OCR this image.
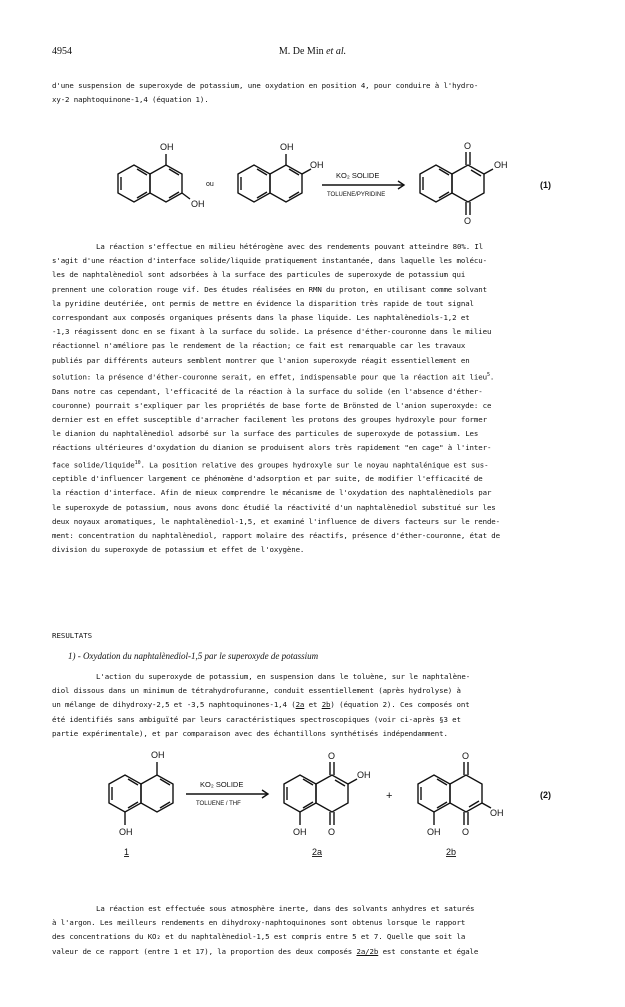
4954	M. De Min et al.
d'une suspension de superoxyde de potassium, une oxydation en position 4, pour conduire à l'hydro-
xy-2 naphtoquinone-1,4 (équation 1).
OH
OH
ou
OH
OH
KO₂ SOLIDE
TOLUENE/PYRIDINE
O
O
OH
(1)
La réaction s'effectue en milieu hétérogène avec des rendements pouvant atteindre 80%. Il
s'agit d'une réaction d'interface solide/liquide pratiquement instantanée, dans laquelle les molécu-
les de naphtalènediol sont adsorbées à la surface des particules de superoxyde de potassium qui
prennent une coloration rouge vif. Des études réalisées en RMN du proton, en utilisant comme solvant
la pyridine deutériée, ont permis de mettre en évidence la disparition très rapide de tout signal
correspondant aux composés organiques présents dans la phase liquide. Les naphtalènediols-1,2 et
-1,3 réagissent donc en se fixant à la surface du solide. La présence d'éther-couronne dans le milieu
réactionnel n'améliore pas le rendement de la réaction; ce fait est remarquable car les travaux
publiés par différents auteurs semblent montrer que l'anion superoxyde réagit essentiellement en
solution: la présence d'éther-couronne serait, en effet, indispensable pour que la réaction ait lieu$^5$.
Dans notre cas cependant, l'efficacité de la réaction à la surface du solide (en l'absence d'éther-
couronne) pourrait s'expliquer par les propriétés de base forte de Brönsted de l'anion superoxyde: ce
dernier est en effet susceptible d'arracher facilement les protons des groupes hydroxyle pour former
le dianion du naphtalènediol adsorbé sur la surface des particules de superoxyde de potassium. Les
réactions ultérieures d'oxydation du dianion se produisent alors très rapidement "en cage" à l'inter-
face solide/liquide$^{10}$. La position relative des groupes hydroxyle sur le noyau naphtalénique est sus-
ceptible d'influencer largement ce phénomène d'adsorption et par suite, de modifier l'efficacité de
la réaction d'interface. Afin de mieux comprendre le mécanisme de l'oxydation des naphtalènediols par
le superoxyde de potassium, nous avons donc étudié la réactivité d'un naphtalènediol substitué sur les
deux noyaux aromatiques, le naphtalènediol-1,5, et examiné l'influence de divers facteurs sur le rende-
ment: concentration du naphtalènediol, rapport molaire des réactifs, présence d'éther-couronne, état de
division du superoxyde de potassium et effet de l'oxygène.
RESULTATS
1) - Oxydation du naphtalènediol-1,5 par le superoxyde de potassium
L'action du superoxyde de potassium, en suspension dans le toluène, sur le naphtalène-
diol dissous dans un minimum de tétrahydrofuranne, conduit essentiellement (après hydrolyse) à
un mélange de dihydroxy-2,5 et -3,5 naphtoquinones-1,4 (2a et 2b) (équation 2). Ces composés ont
été identifiés sans ambiguïté par leurs caractéristiques spectroscopiques (voir ci-après §3 et
partie expérimentale), et par comparaison avec des échantillons synthétisés indépendamment.
OH
OH
KO₂ SOLIDE
TOLUENE / THF
O
OH
OH O
+
O
OH
OH O
(2)
1	2a	2b
La réaction est effectuée sous atmosphère inerte, dans des solvants anhydres et saturés
à l'argon. Les meilleurs rendements en dihydroxy-naphtoquinones sont obtenus lorsque le rapport
des concentrations du KO₂ et du naphtalènediol-1,5 est compris entre 5 et 7. Quelle que soit la
valeur de ce rapport (entre 1 et 17), la proportion des deux composés 2a/2b est constante et égale
